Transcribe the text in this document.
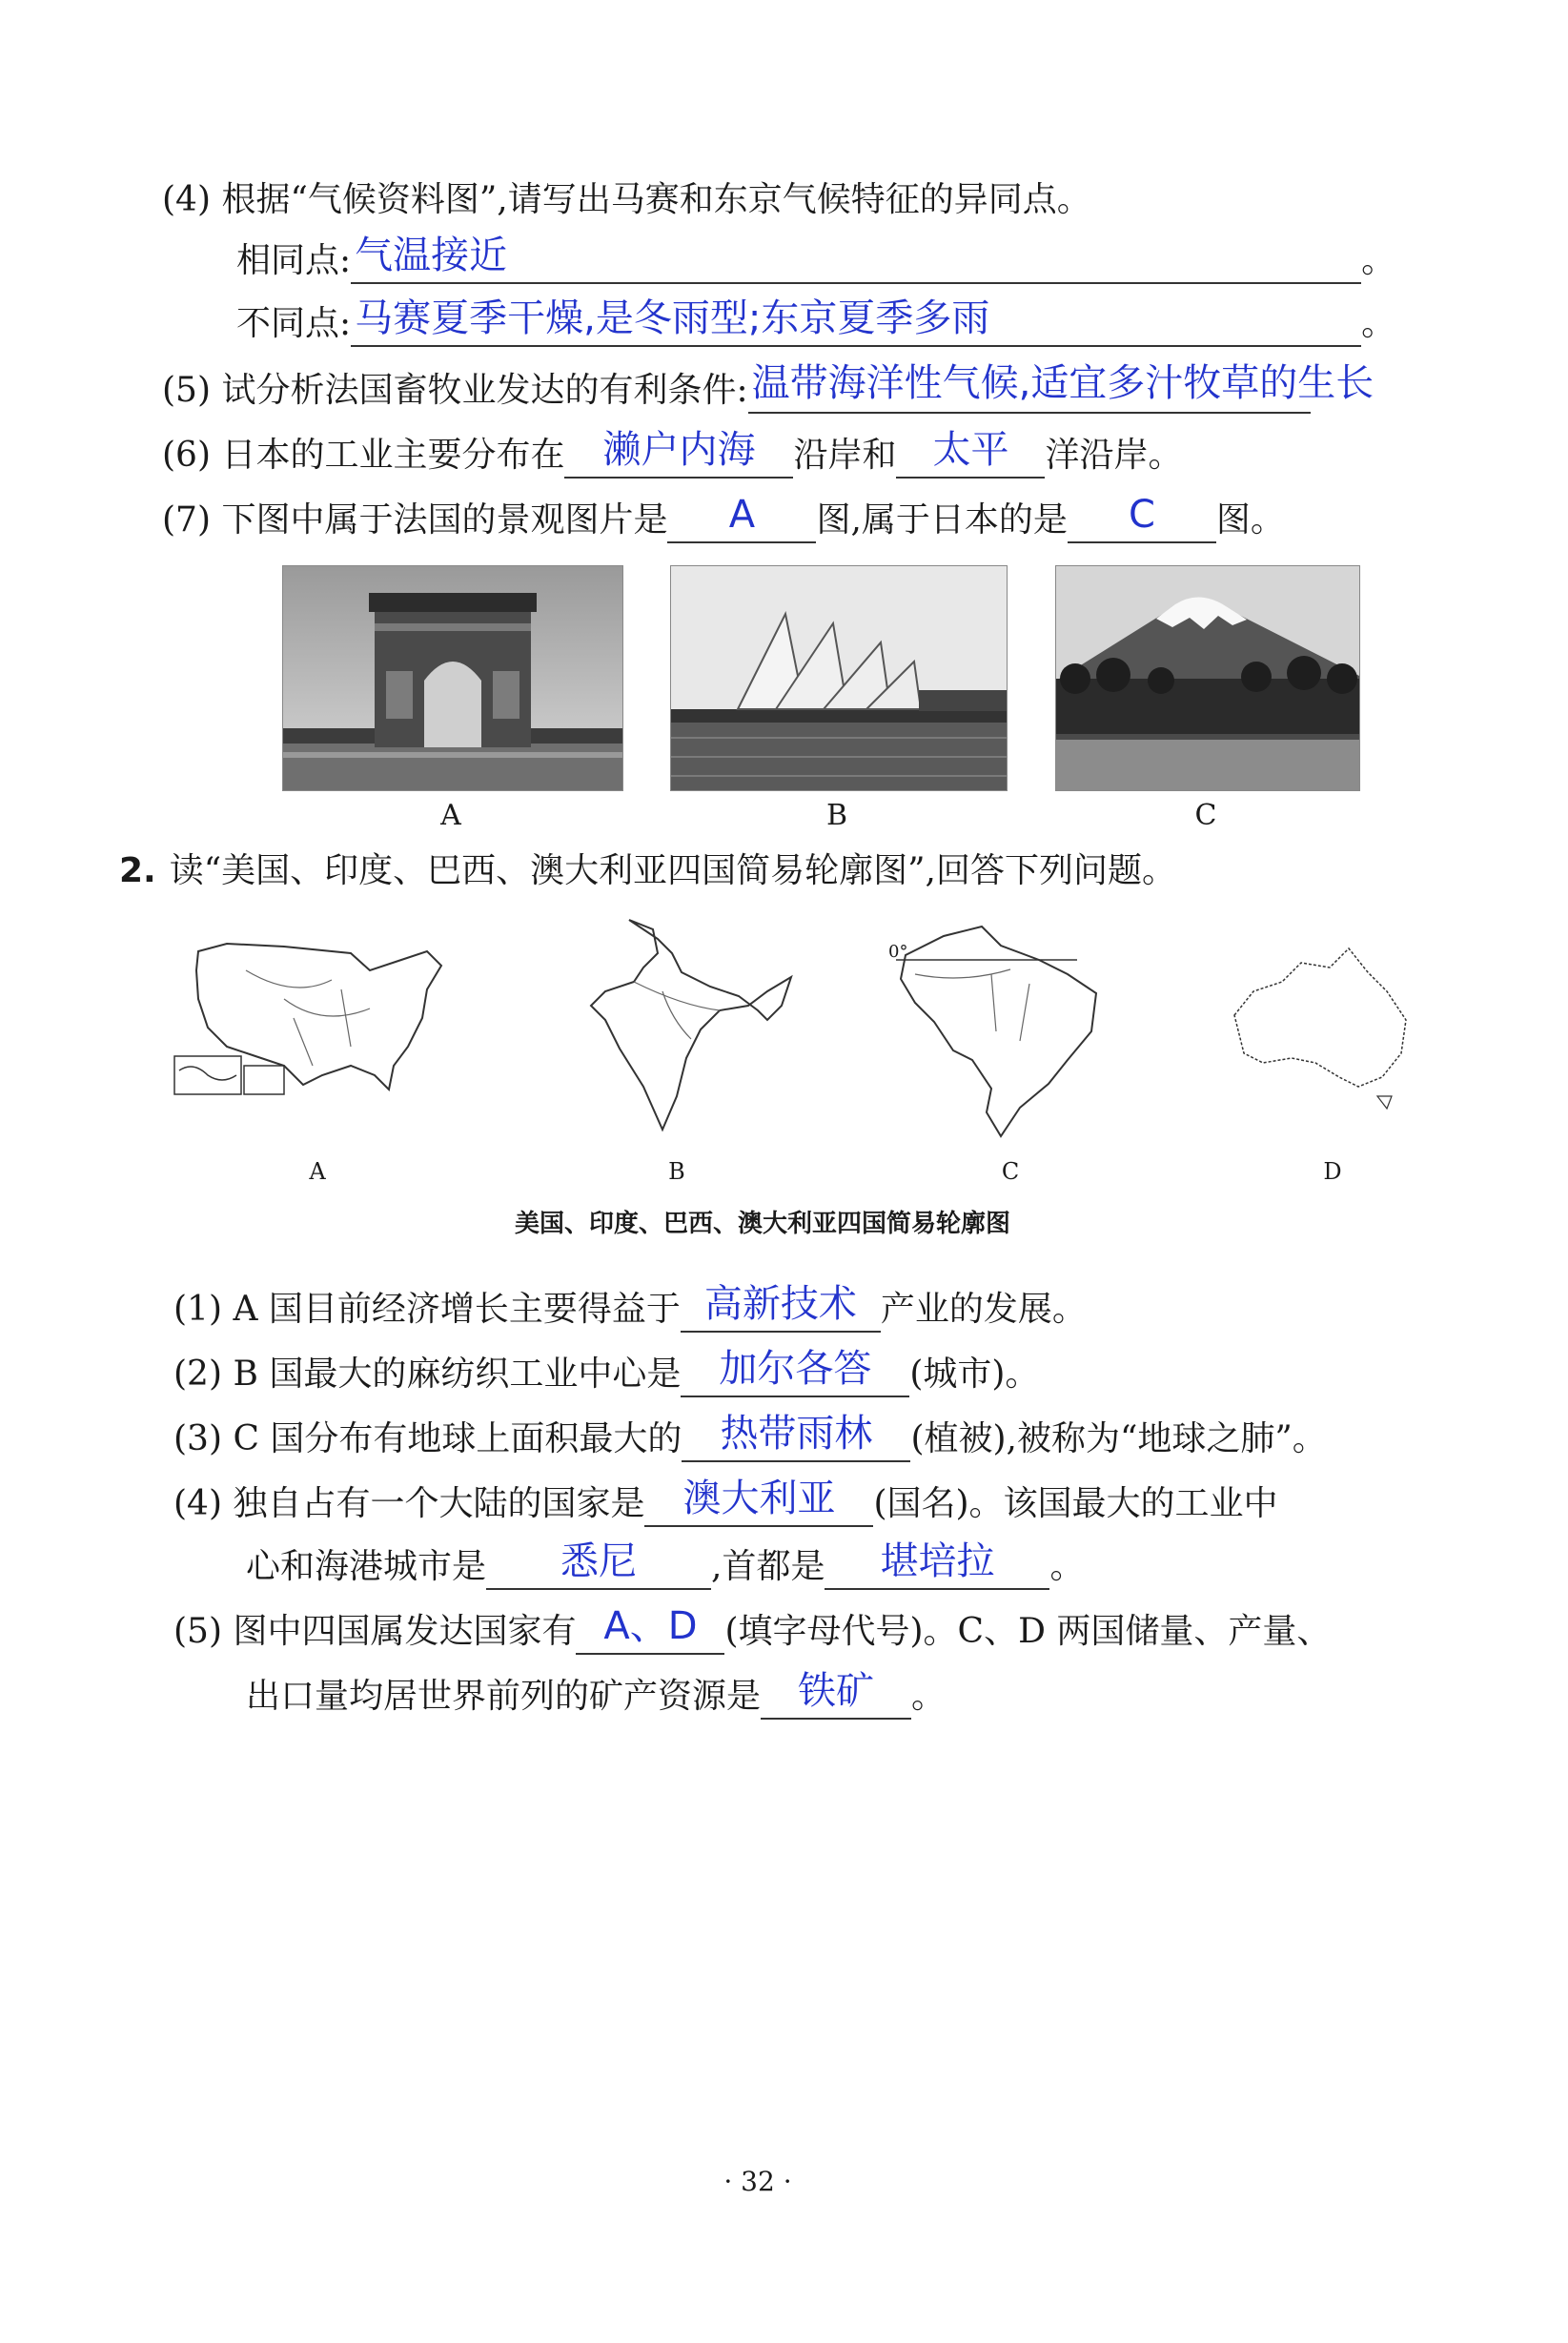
(4) 根据“气候资料图”,请写出马赛和东京气候特征的异同点。
相同点: 气温接近	。
不同点: 马赛夏季干燥,是冬雨型;东京夏季多雨	。
(5) 试分析法国畜牧业发达的有利条件: 温带海洋性气候,适宜多汁牧草的生长
(6) 日本的工业主要分布在 濑户内海 沿岸和 太平 洋沿岸。
(7) 下图中属于法国的景观图片是 A 图,属于日本的是 C 图。
A	B	C
2. 读“美国、印度、巴西、澳大利亚四国简易轮廓图”,回答下列问题。
0°
A	B	C	D
美国、印度、巴西、澳大利亚四国简易轮廓图
(1) A 国目前经济增长主要得益于 高新技术 产业的发展。
(2) B 国最大的麻纺织工业中心是 加尔各答 (城市)。
(3) C 国分布有地球上面积最大的 热带雨林 (植被),被称为“地球之肺”。
(4) 独自占有一个大陆的国家是 澳大利亚 (国名)。该国最大的工业中
心和海港城市是 悉尼 ,首都是 堪培拉 。
(5) 图中四国属发达国家有 A、D (填字母代号)。C、D 两国储量、产量、
出口量均居世界前列的矿产资源是 铁矿 。
· 32 ·
